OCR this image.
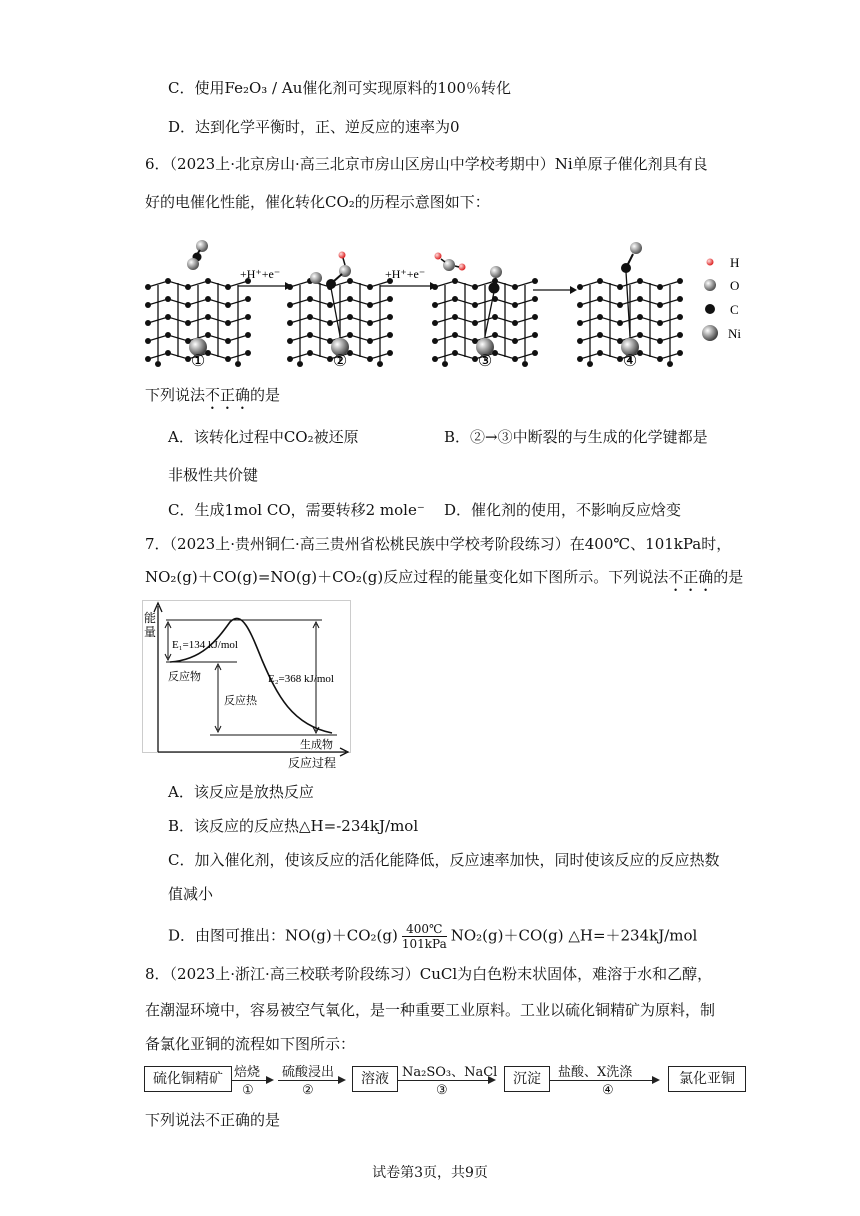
C．使用Fe₂O₃ / Au催化剂可实现原料的100％转化
D．达到化学平衡时，正、逆反应的速率为0
6．（2023上·北京房山·高三北京市房山区房山中学校考期中）Ni单原子催化剂具有良
好的电催化性能，催化转化CO₂的历程示意图如下：
①	②	③	④
+H⁺+e⁻	+H⁺+e⁻
H
O
C
Ni
下列说法不正确的是
A．该转化过程中CO₂被还原	B．②→③中断裂的与生成的化学键都是
非极性共价键
C．生成1mol CO，需要转移2 mole⁻ D．催化剂的使用，不影响反应焓变
7．（2023上·贵州铜仁·高三贵州省松桃民族中学校考阶段练习）在400℃、101kPa时，
NO₂(g)＋CO(g)=NO(g)＋CO₂(g)反应过程的能量变化如下图所示。下列说法不正确的是
能量
E₁=134 kJ/mol
反应物
反应热
E₂=368 kJ/mol
生成物
反应过程
A．该反应是放热反应
B．该反应的反应热△H=-234kJ/mol
C．加入催化剂，使该反应的活化能降低，反应速率加快，同时使该反应的反应热数
值减小
D．由图可推出：NO(g)＋CO₂(g) 400℃
101kPa NO₂(g)＋CO(g) △H=＋234kJ/mol
8．（2023上·浙江·高三校联考阶段练习）CuCl为白色粉末状固体，难溶于水和乙醇，
在潮湿环境中，容易被空气氧化，是一种重要工业原料。工业以硫化铜精矿为原料，制
备氯化亚铜的流程如下图所示：
硫化铜精矿 焙烧
①
硫酸浸出
②
溶液	Na₂SO₃、NaCl
③
沉淀	盐酸、X洗涤
④
氯化亚铜
下列说法不正确的是
试卷第3页，共9页
